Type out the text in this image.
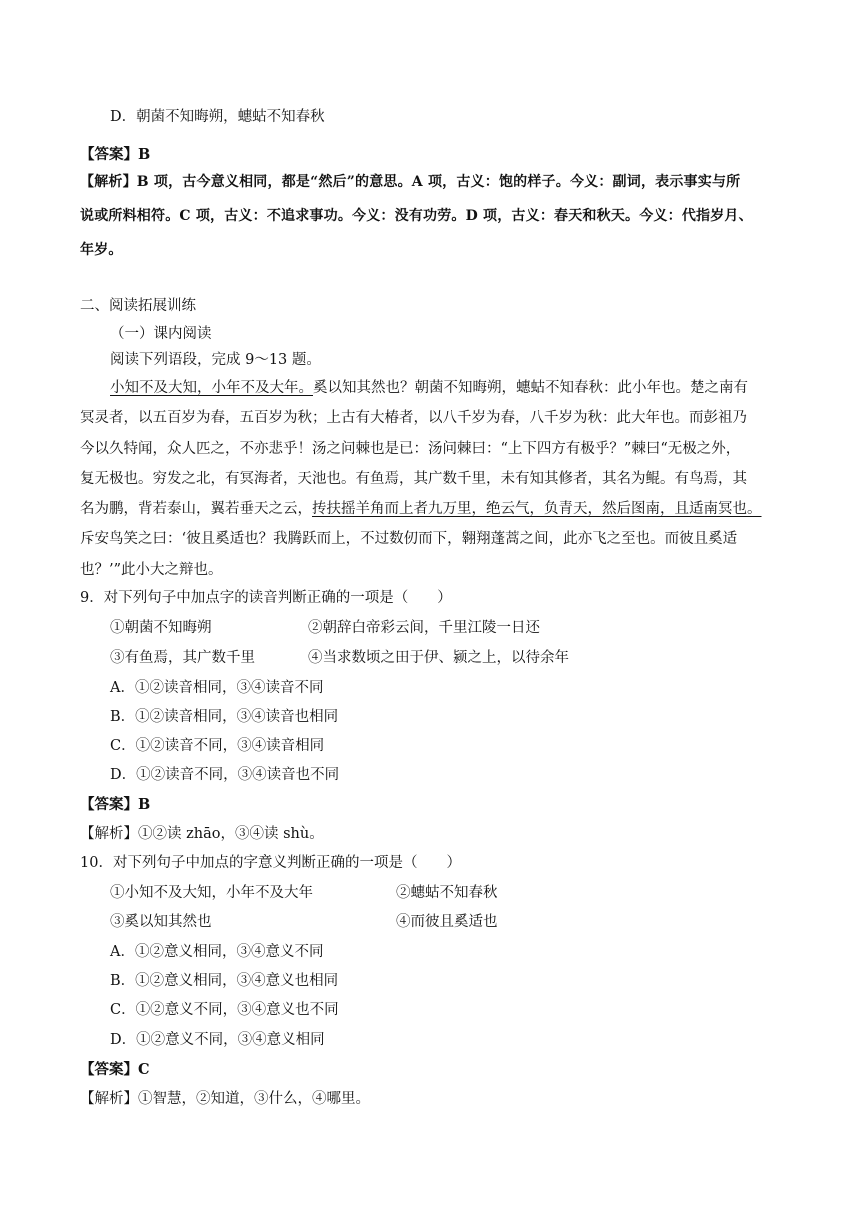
D．朝菌不知晦朔，蟪蛄不知春秋
【答案】B
【解析】B 项，古今意义相同，都是“然后”的意思。A 项，古义：饱的样子。今义：副词，表示事实与所
说或所料相符。C 项，古义：不追求事功。今义：没有功劳。D 项，古义：春天和秋天。今义：代指岁月、
年岁。
二、阅读拓展训练
（一）课内阅读
阅读下列语段，完成 9～13 题。
小知不及大知，小年不及大年。奚以知其然也？朝菌不知晦朔，蟪蛄不知春秋：此小年也。楚之南有
冥灵者，以五百岁为春，五百岁为秋；上古有大椿者，以八千岁为春，八千岁为秋：此大年也。而彭祖乃
今以久特闻，众人匹之，不亦悲乎！汤之问棘也是已：汤问棘曰：“上下四方有极乎？”棘曰“无极之外，
复无极也。穷发之北，有冥海者，天池也。有鱼焉，其广数千里，未有知其修者，其名为鲲。有鸟焉，其
名为鹏，背若泰山，翼若垂天之云，抟扶摇羊角而上者九万里，绝云气，负青天，然后图南，且适南冥也。
斥安鸟笑之曰：‘彼且奚适也？我腾跃而上，不过数仞而下，翱翔蓬蒿之间，此亦飞之至也。而彼且奚适
也？’”此小大之辩也。
9．对下列句子中加点字的读音判断正确的一项是（　　）
①朝菌不知晦朔	②朝辞白帝彩云间，千里江陵一日还
③有鱼焉，其广数千里	④当求数顷之田于伊、颍之上，以待余年
A．①②读音相同，③④读音不同
B．①②读音相同，③④读音也相同
C．①②读音不同，③④读音相同
D．①②读音不同，③④读音也不同
【答案】B
【解析】①②读 zhāo，③④读 shù。
10．对下列句子中加点的字意义判断正确的一项是（　　）
①小知不及大知，小年不及大年	②蟪蛄不知春秋
③奚以知其然也	④而彼且奚适也
A．①②意义相同，③④意义不同
B．①②意义相同，③④意义也相同
C．①②意义不同，③④意义也不同
D．①②意义不同，③④意义相同
【答案】C
【解析】①智慧，②知道，③什么，④哪里。
